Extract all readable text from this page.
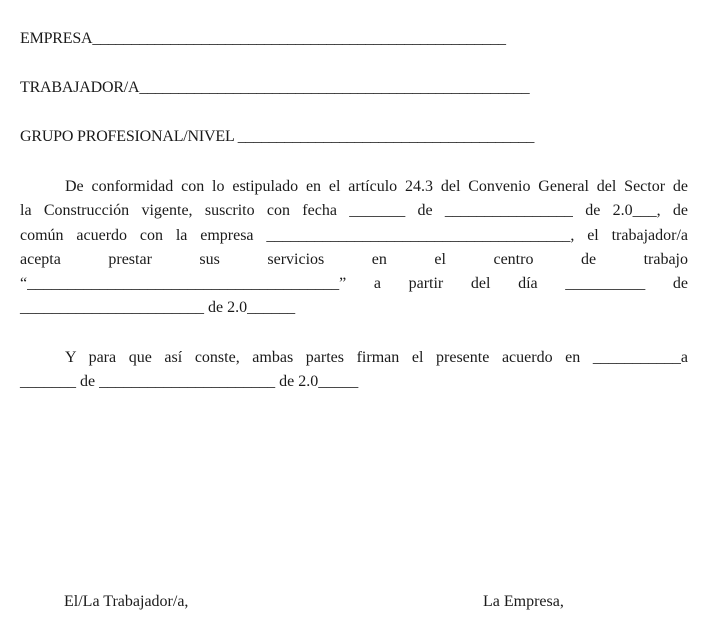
EMPRESA_____________________________________________________
TRABAJADOR/A__________________________________________________
GRUPO PROFESIONAL/NIVEL ______________________________________
De conformidad con lo estipulado en el artículo 24.3 del Convenio General del Sector de
la Construcción vigente, suscrito con fecha _______ de ________________ de 2.0___, de
común acuerdo con la empresa ______________________________________, el trabajador/a
acepta prestar sus servicios en el centro de trabajo
“_______________________________________” a partir del día __________ de
_______________________ de 2.0______
Y para que así conste, ambas partes firman el presente acuerdo en ___________a
_______ de ______________________ de 2.0_____
El/La Trabajador/a,	La Empresa,
